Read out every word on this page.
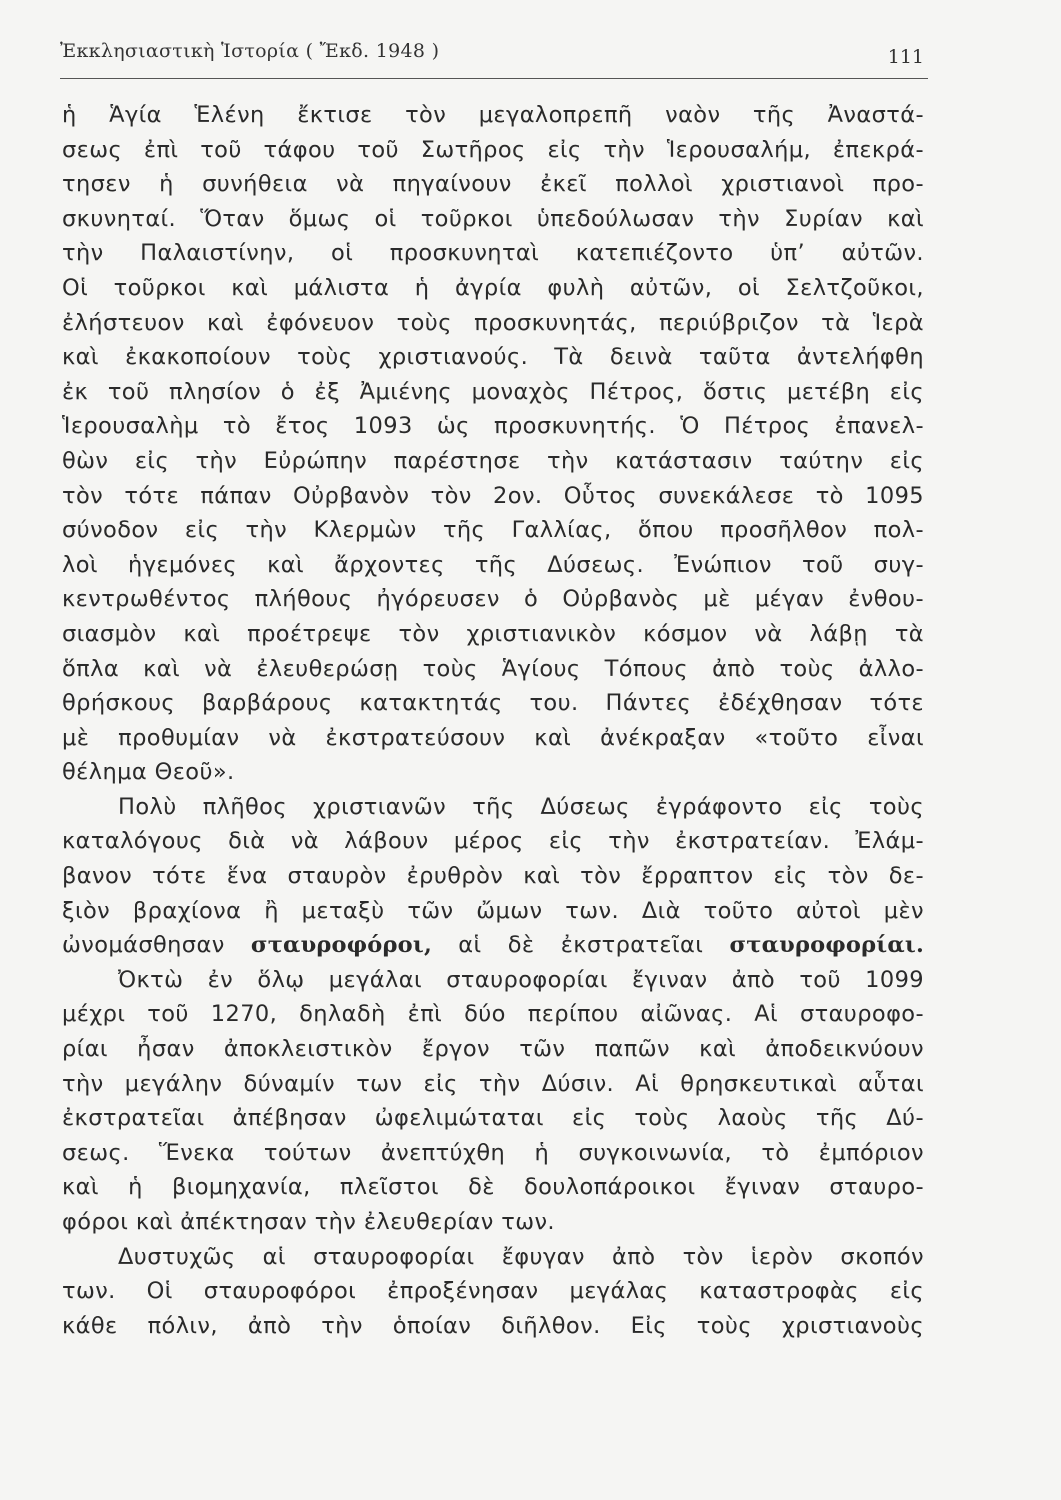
Ἐκκλησιαστικὴ Ἱστορία ( Ἔκδ. 1948 )	111
ἡ Ἁγία Ἑλένη ἔκτισε τὸν μεγαλοπρεπῆ ναὸν τῆς Ἀναστά-
σεως ἐπὶ τοῦ τάφου τοῦ Σωτῆρος εἰς τὴν Ἱερουσαλήμ, ἐπεκρά-
τησεν ἡ συνήθεια νὰ πηγαίνουν ἐκεῖ πολλοὶ χριστιανοὶ προ-
σκυνηταί. Ὅταν ὅμως οἱ τοῦρκοι ὑπεδούλωσαν τὴν Συρίαν καὶ
τὴν Παλαιστίνην, οἱ προσκυνηταὶ κατεπιέζοντο ὑπ’ αὐτῶν.
Οἱ τοῦρκοι καὶ μάλιστα ἡ ἀγρία φυλὴ αὐτῶν, οἱ Σελτζοῦκοι,
ἐλήστευον καὶ ἐφόνευον τοὺς προσκυνητάς, περιύβριζον τὰ Ἱερὰ
καὶ ἐκακοποίουν τοὺς χριστιανούς. Τὰ δεινὰ ταῦτα ἀντελήφθη
ἐκ τοῦ πλησίον ὁ ἐξ Ἀμιένης μοναχὸς Πέτρος, ὅστις μετέβη εἰς
Ἱερουσαλὴμ τὸ ἔτος 1093 ὡς προσκυνητής. Ὁ Πέτρος ἐπανελ-
θὼν εἰς τὴν Εὐρώπην παρέστησε τὴν κατάστασιν ταύτην εἰς
τὸν τότε πάπαν Οὐρβανὸν τὸν 2ον. Οὗτος συνεκάλεσε τὸ 1095
σύνοδον εἰς τὴν Κλερμὼν τῆς Γαλλίας, ὅπου προσῆλθον πολ-
λοὶ ἡγεμόνες καὶ ἄρχοντες τῆς Δύσεως. Ἐνώπιον τοῦ συγ-
κεντρωθέντος πλήθους ἠγόρευσεν ὁ Οὐρβανὸς μὲ μέγαν ἐνθου-
σιασμὸν καὶ προέτρεψε τὸν χριστιανικὸν κόσμον νὰ λάβῃ τὰ
ὅπλα καὶ νὰ ἐλευθερώσῃ τοὺς Ἁγίους Τόπους ἀπὸ τοὺς ἀλλο-
θρήσκους βαρβάρους κατακτητάς του. Πάντες ἐδέχθησαν τότε
μὲ προθυμίαν νὰ ἐκστρατεύσουν καὶ ἀνέκραξαν «τοῦτο εἶναι
θέλημα Θεοῦ».
Πολὺ πλῆθος χριστιανῶν τῆς Δύσεως ἐγράφοντο εἰς τοὺς
καταλόγους διὰ νὰ λάβουν μέρος εἰς τὴν ἐκστρατείαν. Ἐλάμ-
βανον τότε ἕνα σταυρὸν ἐρυθρὸν καὶ τὸν ἔρραπτον εἰς τὸν δε-
ξιὸν βραχίονα ἢ μεταξὺ τῶν ὤμων των. Διὰ τοῦτο αὐτοὶ μὲν
ὠνομάσθησαν σταυροφόροι, αἱ δὲ ἐκστρατεῖαι σταυροφορίαι.
Ὀκτὼ ἐν ὅλῳ μεγάλαι σταυροφορίαι ἔγιναν ἀπὸ τοῦ 1099
μέχρι τοῦ 1270, δηλαδὴ ἐπὶ δύο περίπου αἰῶνας. Αἱ σταυροφο-
ρίαι ἦσαν ἀποκλειστικὸν ἔργον τῶν παπῶν καὶ ἀποδεικνύουν
τὴν μεγάλην δύναμίν των εἰς τὴν Δύσιν. Αἱ θρησκευτικαὶ αὗται
ἐκστρατεῖαι ἀπέβησαν ὠφελιμώταται εἰς τοὺς λαοὺς τῆς Δύ-
σεως. Ἕνεκα τούτων ἀνεπτύχθη ἡ συγκοινωνία, τὸ ἐμπόριον
καὶ ἡ βιομηχανία, πλεῖστοι δὲ δουλοπάροικοι ἔγιναν σταυρο-
φόροι καὶ ἀπέκτησαν τὴν ἐλευθερίαν των.
Δυστυχῶς αἱ σταυροφορίαι ἔφυγαν ἀπὸ τὸν ἱερὸν σκοπόν
των. Οἱ σταυροφόροι ἐπροξένησαν μεγάλας καταστροφὰς εἰς
κάθε πόλιν, ἀπὸ τὴν ὁποίαν διῆλθον. Εἰς τοὺς χριστιανοὺς
